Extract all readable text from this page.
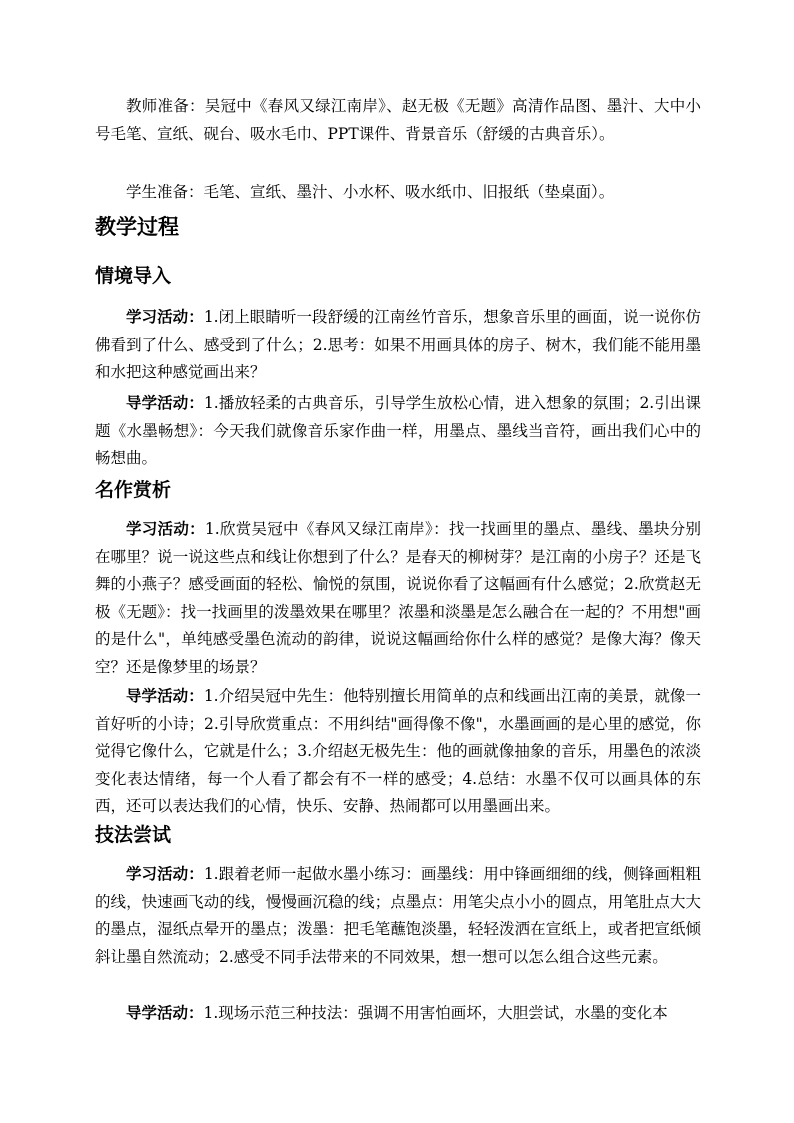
教师准备：吴冠中《春风又绿江南岸》、赵无极《无题》高清作品图、墨汁、大中小号毛笔、宣纸、砚台、吸水毛巾、PPT课件、背景音乐（舒缓的古典音乐）。

学生准备：毛笔、宣纸、墨汁、小水杯、吸水纸巾、旧报纸（垫桌面）。

教学过程
情境导入

学习活动：1.闭上眼睛听一段舒缓的江南丝竹音乐，想象音乐里的画面，说一说你仿佛看到了什么、感受到了什么；2.思考：如果不用画具体的房子、树木，我们能不能用墨和水把这种感觉画出来？

导学活动：1.播放轻柔的古典音乐，引导学生放松心情，进入想象的氛围；2.引出课题《水墨畅想》：今天我们就像音乐家作曲一样，用墨点、墨线当音符，画出我们心中的畅想曲。

名作赏析

学习活动：1.欣赏吴冠中《春风又绿江南岸》：找一找画里的墨点、墨线、墨块分别在哪里？说一说这些点和线让你想到了什么？是春天的柳树芽？是江南的小房子？还是飞舞的小燕子？感受画面的轻松、愉悦的氛围，说说你看了这幅画有什么感觉；2.欣赏赵无极《无题》：找一找画里的泼墨效果在哪里？浓墨和淡墨是怎么融合在一起的？不用想"画的是什么"，单纯感受墨色流动的韵律，说说这幅画给你什么样的感觉？是像大海？像天空？还是像梦里的场景？

导学活动：1.介绍吴冠中先生：他特别擅长用简单的点和线画出江南的美景，就像一首好听的小诗；2.引导欣赏重点：不用纠结"画得像不像"，水墨画画的是心里的感觉，你觉得它像什么，它就是什么；3.介绍赵无极先生：他的画就像抽象的音乐，用墨色的浓淡变化表达情绪，每一个人看了都会有不一样的感受；4.总结：水墨不仅可以画具体的东西，还可以表达我们的心情，快乐、安静、热闹都可以用墨画出来。

技法尝试

学习活动：1.跟着老师一起做水墨小练习：画墨线：用中锋画细细的线，侧锋画粗粗的线，快速画飞动的线，慢慢画沉稳的线；点墨点：用笔尖点小小的圆点，用笔肚点大大的墨点，湿纸点晕开的墨点；泼墨：把毛笔蘸饱淡墨，轻轻泼洒在宣纸上，或者把宣纸倾斜让墨自然流动；2.感受不同手法带来的不同效果，想一想可以怎么组合这些元素。

导学活动：1.现场示范三种技法：强调不用害怕画坏，大胆尝试，水墨的变化本
